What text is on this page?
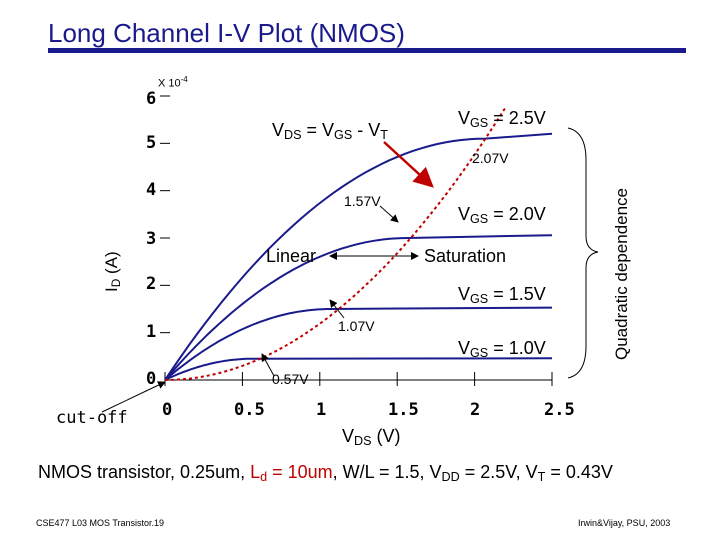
Long Channel I-V Plot (NMOS)
0
1
2
3
4
5
6
0	0.5	1	1.5	2	2.5
X $10^{-4}$
$I_D$ (A)
$V_{DS}$ (V)
$V_{DS} = V_{GS} - V_T$
$V_{GS} = 2.5V$
2.07V
1.57V
$V_{GS} = 2.0V$
Linear	Saturation
$V_{GS} = 1.5V$
1.07V
$V_{GS} = 1.0V$
0.57V
cut-off
Quadratic dependence
NMOS transistor, 0.25um, $L_d = 10um$, W/L = 1.5, $V_{DD} = 2.5V$, $V_T = 0.43V$
CSE477 L03 MOS Transistor.19	Irwin&Vijay, PSU, 2003
